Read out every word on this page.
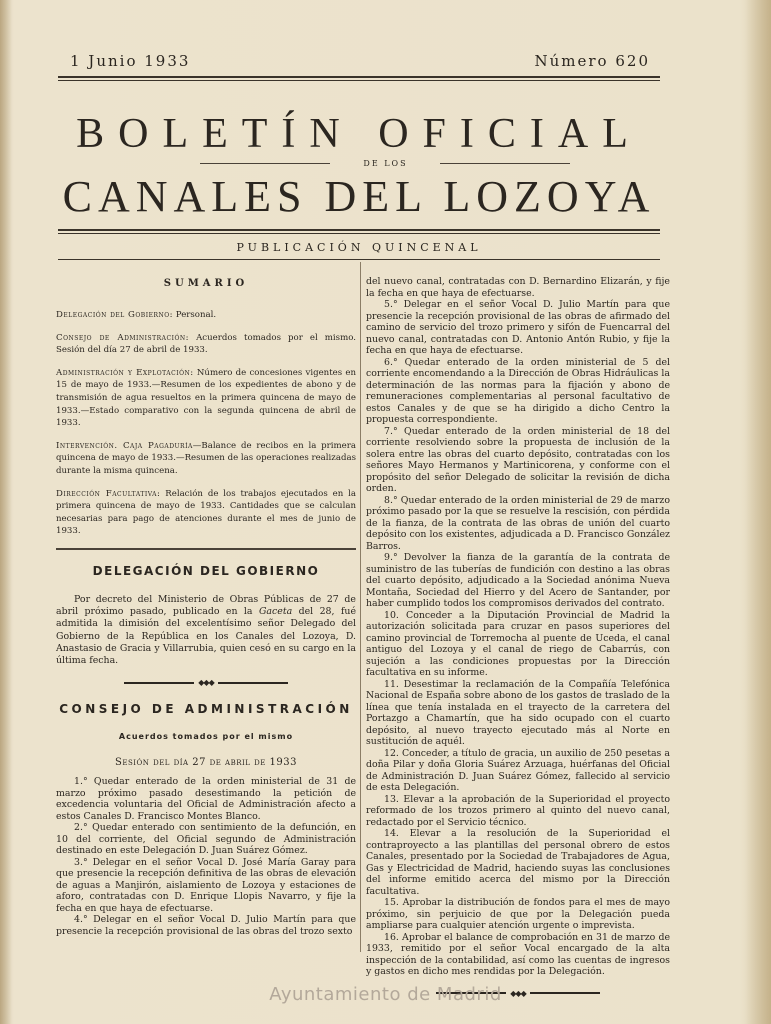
1 Junio 1933	Número 620
BOLETÍN OFICIAL
DE LOS
CANALES DEL LOZOYA
PUBLICACIÓN QUINCENAL
SUMARIO
Delegación del Gobierno: Personal.
Consejo de Administración: Acuerdos tomados por el mismo. Sesión del día 27 de abril de 1933.
Administración y Explotación: Número de concesiones vigentes en 15 de mayo de 1933.—Resumen de los expedientes de abono y de transmisión de agua resueltos en la primera quincena de mayo de 1933.—Estado comparativo con la segunda quincena de abril de 1933.
Intervención. Caja Pagaduría—Balance de recibos en la primera quincena de mayo de 1933.—Resumen de las operaciones realizadas durante la misma quincena.
Dirección Facultativa: Relación de los trabajos ejecutados en la primera quincena de mayo de 1933. Cantidades que se calculan necesarias para pago de atenciones durante el mes de junio de 1933.
DELEGACIÓN DEL GOBIERNO
Por decreto del Ministerio de Obras Públicas de 27 de abril próximo pasado, publicado en la Gaceta del 28, fué admitida la dimisión del excelentísimo señor Delegado del Gobierno de la República en los Canales del Lozoya, D. Anastasio de Gracia y Villarrubia, quien cesó en su cargo en la última fecha.
◆◆◆
CONSEJO DE ADMINISTRACIÓN
Acuerdos tomados por el mismo
Sesión del día 27 de abril de 1933
1.° Quedar enterado de la orden ministerial de 31 de marzo próximo pasado desestimando la petición de excedencia voluntaria del Oficial de Administración afecto a estos Canales D. Francisco Montes Blanco.
2.° Quedar enterado con sentimiento de la defunción, en 10 del corriente, del Oficial segundo de Administración destinado en este Delegación D. Juan Suárez Gómez.
3.° Delegar en el señor Vocal D. José María Garay para que presencie la recepción definitiva de las obras de elevación de aguas a Manjirón, aislamiento de Lozoya y estaciones de aforo, contratadas con D. Enrique Llopis Navarro, y fije la fecha en que haya de efectuarse.
4.° Delegar en el señor Vocal D. Julio Martín para que presencie la recepción provisional de las obras del trozo sexto
del nuevo canal, contratadas con D. Bernardino Elizarán, y fije la fecha en que haya de efectuarse.
5.° Delegar en el señor Vocal D. Julio Martín para que presencie la recepción provisional de las obras de afirmado del camino de servicio del trozo primero y sifón de Fuencarral del nuevo canal, contratadas con D. Antonio Antón Rubio, y fije la fecha en que haya de efectuarse.
6.° Quedar enterado de la orden ministerial de 5 del corriente encomendando a la Dirección de Obras Hidráulicas la determinación de las normas para la fijación y abono de remuneraciones complementarias al personal facultativo de estos Canales y de que se ha dirigido a dicho Centro la propuesta correspondiente.
7.° Quedar enterado de la orden ministerial de 18 del corriente resolviendo sobre la propuesta de inclusión de la solera entre las obras del cuarto depósito, contratadas con los señores Mayo Hermanos y Martinicorena, y conforme con el propósito del señor Delegado de solicitar la revisión de dicha orden.
8.° Quedar enterado de la orden ministerial de 29 de marzo próximo pasado por la que se resuelve la rescisión, con pérdida de la fianza, de la contrata de las obras de unión del cuarto depósito con los existentes, adjudicada a D. Francisco González Barros.
9.° Devolver la fianza de la garantía de la contrata de suministro de las tuberías de fundición con destino a las obras del cuarto depósito, adjudicado a la Sociedad anónima Nueva Montaña, Sociedad del Hierro y del Acero de Santander, por haber cumplido todos los compromisos derivados del contrato.
10. Conceder a la Diputación Provincial de Madrid la autorización solicitada para cruzar en pasos superiores del camino provincial de Torremocha al puente de Uceda, el canal antiguo del Lozoya y el canal de riego de Cabarrús, con sujeción a las condiciones propuestas por la Dirección facultativa en su informe.
11. Desestimar la reclamación de la Compañía Telefónica Nacional de España sobre abono de los gastos de traslado de la línea que tenía instalada en el trayecto de la carretera del Portazgo a Chamartín, que ha sido ocupado con el cuarto depósito, al nuevo trayecto ejecutado más al Norte en sustitución de aquél.
12. Conceder, a título de gracia, un auxilio de 250 pesetas a doña Pilar y doña Gloria Suárez Arzuaga, huérfanas del Oficial de Administración D. Juan Suárez Gómez, fallecido al servicio de esta Delegación.
13. Elevar a la aprobación de la Superioridad el proyecto reformado de los trozos primero al quinto del nuevo canal, redactado por el Servicio técnico.
14. Elevar a la resolución de la Superioridad el contraproyecto a las plantillas del personal obrero de estos Canales, presentado por la Sociedad de Trabajadores de Agua, Gas y Electricidad de Madrid, haciendo suyas las conclusiones del informe emitido acerca del mismo por la Dirección facultativa.
15. Aprobar la distribución de fondos para el mes de mayo próximo, sin perjuicio de que por la Delegación pueda ampliarse para cualquier atención urgente o imprevista.
16. Aprobar el balance de comprobación en 31 de marzo de 1933, remitido por el señor Vocal encargado de la alta inspección de la contabilidad, así como las cuentas de ingresos y gastos en dicho mes rendidas por la Delegación.
◆◆◆
Ayuntamiento de Madrid
